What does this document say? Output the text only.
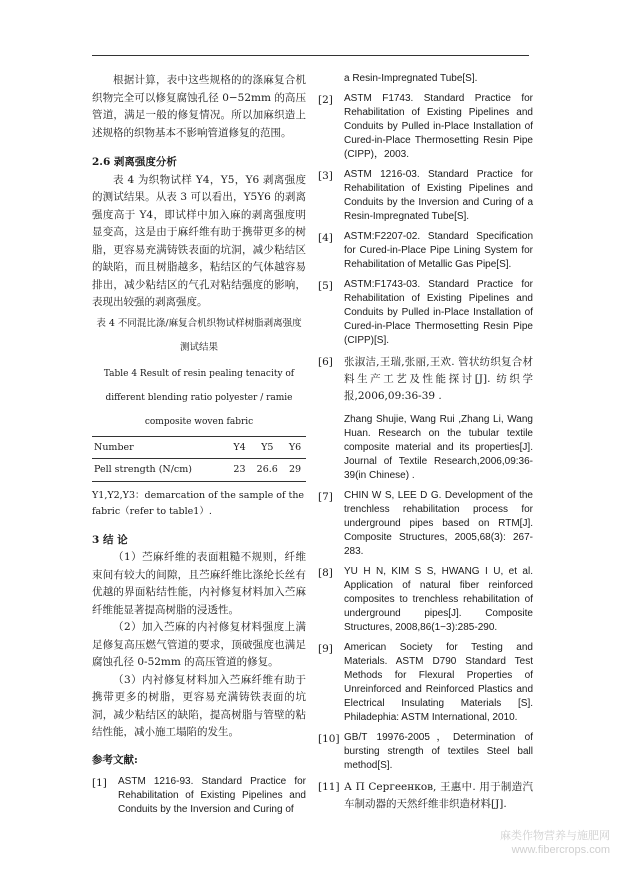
根据计算，表中这些规格的的涤麻复合机织物完全可以修复腐蚀孔径 0−52mm 的高压管道，满足一般的修复情况。所以加麻织造上述规格的织物基本不影响管道修复的范围。

2.6 剥离强度分析

表 4 为织物试样 Y4，Y5，Y6 剥离强度的测试结果。从表 3 可以看出，Y5Y6 的剥离强度高于 Y4，即试样中加入麻的剥离强度明显变高，这是由于麻纤维有助于携带更多的树脂，更容易充满铸铁表面的坑洞，减少粘结区的缺陷，而且树脂越多，粘结区的气体越容易排出，减少粘结区的气孔对粘结强度的影响，表现出较强的剥离强度。

表 4 不同混比涤/麻复合机织物试样树脂剥离强度测试结果

Table 4 Result of resin pealing tenacity of different blending ratio polyester / ramie composite woven fabric

Number	Y4	Y5	Y6
Pell strength (N/cm)	23	26.6	29

Y1,Y2,Y3：demarcation of the sample of the fabric（refer to table1）.

3 结 论

（1）苎麻纤维的表面粗糙不规则，纤维束间有较大的间隙，且苎麻纤维比涤纶长丝有优越的界面粘结性能，内衬修复材料加入苎麻纤维能显著提高树脂的浸透性。

（2）加入苎麻的内衬修复材料强度上满足修复高压燃气管道的要求，顶破强度也满足腐蚀孔径 0-52mm 的高压管道的修复。

（3）内衬修复材料加入苎麻纤维有助于携带更多的树脂，更容易充满铸铁表面的坑洞，减少粘结区的缺陷，提高树脂与管壁的粘结性能，减小施工塌陷的发生。

参考文献:

[1]	ASTM 1216-93. Standard Practice for Rehabilitation of Existing Pipelines and Conduits by the Inversion and Curing of

a Resin-Impregnated Tube[S].

[2]	ASTM F1743. Standard Practice for Rehabilitation of Existing Pipelines and Conduits by Pulled in-Place Installation of Cured-in-Place Thermosetting Resin Pipe (CIPP)，2003.
[3]	ASTM 1216-03. Standard Practice for Rehabilitation of Existing Pipelines and Conduits by the Inversion and Curing of a Resin-Impregnated Tube[S].
[4]	ASTM:F2207-02. Standard Specification for Cured-in-Place Pipe Lining System for Rehabilitation of Metallic Gas Pipe[S].
[5]	ASTM:F1743-03. Standard Practice for Rehabilitation of Existing Pipelines and Conduits by Pulled in-Place Installation of Cured-in-Place Thermosetting Resin Pipe (CIPP)[S].
[6]	张淑洁,王瑞,张丽,王欢. 管状纺织复合材料生产工艺及性能探讨[J]. 纺织学报,2006,09:36-39 .

Zhang Shujie, Wang Rui ,Zhang Li, Wang Huan. Research on the tubular textile composite material and its properties[J]. Journal of Textile Research,2006,09:36-39(in Chinese) .

[7]	CHIN W S, LEE D G. Development of the trenchless rehabilitation process for underground pipes based on RTM[J]. Composite Structures, 2005,68(3): 267-283.
[8]	YU H N, KIM S S, HWANG I U, et al. Application of natural fiber reinforced composites to trenchless rehabilitation of underground pipes[J]. Composite Structures, 2008,86(1−3):285-290.
[9]	American Society for Testing and Materials. ASTM D790 Standard Test Methods for Flexural Properties of Unreinforced and Reinforced Plastics and Electrical Insulating Materials [S]. Philadephia: ASTM International, 2010.
[10] GB/T 19976-2005，Determination of bursting strength of textiles Steel ball method[S].
[11] А П Сергеенков, 王惠中. 用于制造汽车制动器的天然纤维非织造材料[J].
麻类作物营养与施肥网
www.fibercrops.com
